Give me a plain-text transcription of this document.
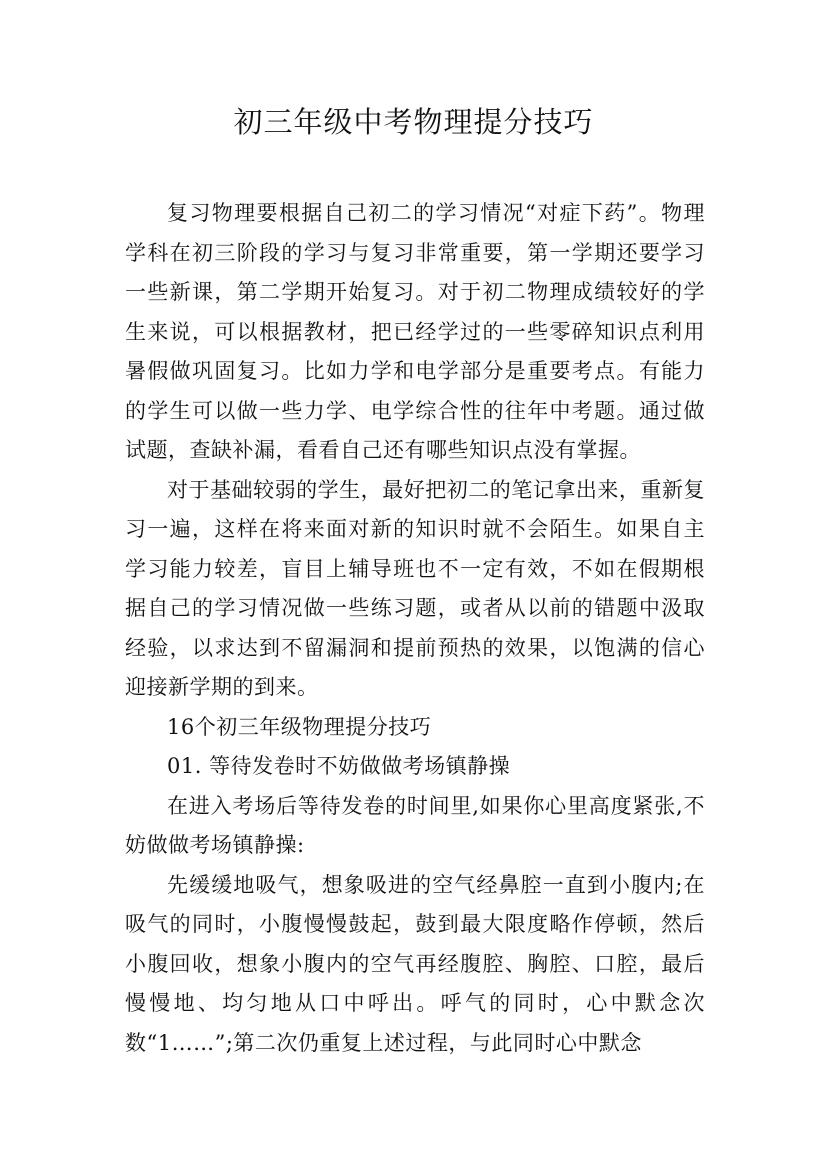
初三年级中考物理提分技巧

复习物理要根据自己初二的学习情况“对症下药”。物理学科在初三阶段的学习与复习非常重要，第一学期还要学习一些新课，第二学期开始复习。对于初二物理成绩较好的学生来说，可以根据教材，把已经学过的一些零碎知识点利用暑假做巩固复习。比如力学和电学部分是重要考点。有能力的学生可以做一些力学、电学综合性的往年中考题。通过做试题，查缺补漏，看看自己还有哪些知识点没有掌握。

对于基础较弱的学生，最好把初二的笔记拿出来，重新复习一遍，这样在将来面对新的知识时就不会陌生。如果自主学习能力较差，盲目上辅导班也不一定有效，不如在假期根据自己的学习情况做一些练习题，或者从以前的错题中汲取经验，以求达到不留漏洞和提前预热的效果，以饱满的信心迎接新学期的到来。

16个初三年级物理提分技巧

01. 等待发卷时不妨做做考场镇静操

在进入考场后等待发卷的时间里,如果你心里高度紧张,不妨做做考场镇静操:

先缓缓地吸气，想象吸进的空气经鼻腔一直到小腹内;在吸气的同时，小腹慢慢鼓起，鼓到最大限度略作停顿，然后小腹回收，想象小腹内的空气再经腹腔、胸腔、口腔，最后慢慢地、均匀地从口中呼出。呼气的同时，心中默念次数“1……”;第二次仍重复上述过程，与此同时心中默念
